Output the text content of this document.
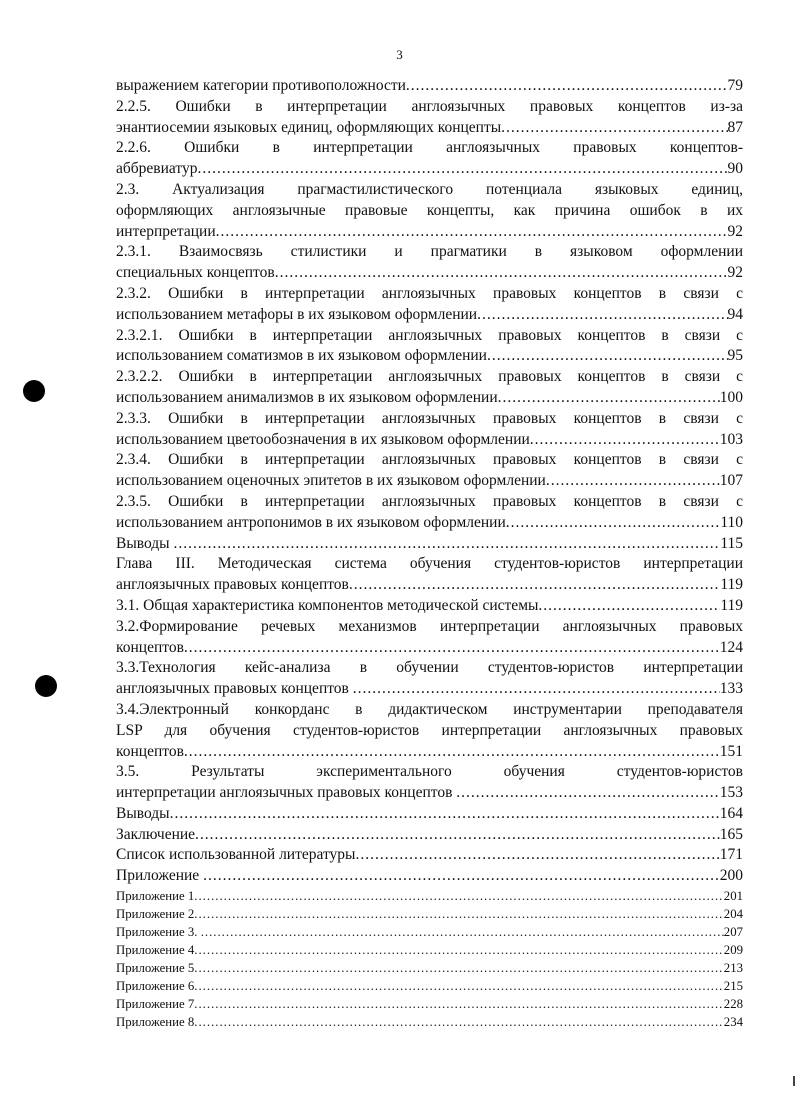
3
выражением категории противоположности .....	79
2.2.5. Ошибки в интерпретации англоязычных правовых концептов из-за
энантиосемии языковых единиц, оформляющих концепты .....	87
2.2.6. Ошибки в интерпретации англоязычных правовых концептов-
аббревиатур .....	90
2.3. Актуализация прагмастилистического потенциала языковых единиц,
оформляющих англоязычные правовые концепты, как причина ошибок в их
интерпретации .....	92
2.3.1. Взаимосвязь стилистики и прагматики в языковом оформлении
специальных концептов .....	92
2.3.2. Ошибки в интерпретации англоязычных правовых концептов в связи с
использованием метафоры в их языковом оформлении .....	94
2.3.2.1. Ошибки в интерпретации англоязычных правовых концептов в связи с
использованием соматизмов в их языковом оформлении .....	95
2.3.2.2. Ошибки в интерпретации англоязычных правовых концептов в связи с
использованием анимализмов в их языковом оформлении .....	100
2.3.3. Ошибки в интерпретации англоязычных правовых концептов в связи с
использованием цветообозначения в их языковом оформлении .....	103
2.3.4. Ошибки в интерпретации англоязычных правовых концептов в связи с
использованием оценочных эпитетов в их языковом оформлении .....	107
2.3.5. Ошибки в интерпретации англоязычных правовых концептов в связи с
использованием антропонимов в их языковом оформлении .....	110
Выводы .....	115
Глава III. Методическая система обучения студентов-юристов интерпретации
англоязычных правовых концептов .....	119
3.1. Общая характеристика компонентов методической системы .....	119
3.2.Формирование речевых механизмов интерпретации англоязычных правовых
концептов .....	124
3.3.Технология кейс-анализа в обучении студентов-юристов интерпретации
англоязычных правовых концептов .....	133
3.4.Электронный конкорданс в дидактическом инструментарии преподавателя
LSP для обучения студентов-юристов интерпретации англоязычных правовых
концептов .....	151
3.5. Результаты экспериментального обучения студентов-юристов
интерпретации англоязычных правовых концептов .....	153
Выводы .....	164
Заключение .....	165
Список использованной литературы .....	171
Приложение .....	200
Приложение 1 .....	201
Приложение 2 .....	204
Приложение 3. .....	207
Приложение 4 .....	209
Приложение 5 .....	213
Приложение 6 .....	215
Приложение 7 .....	228
Приложение 8 .....	234
